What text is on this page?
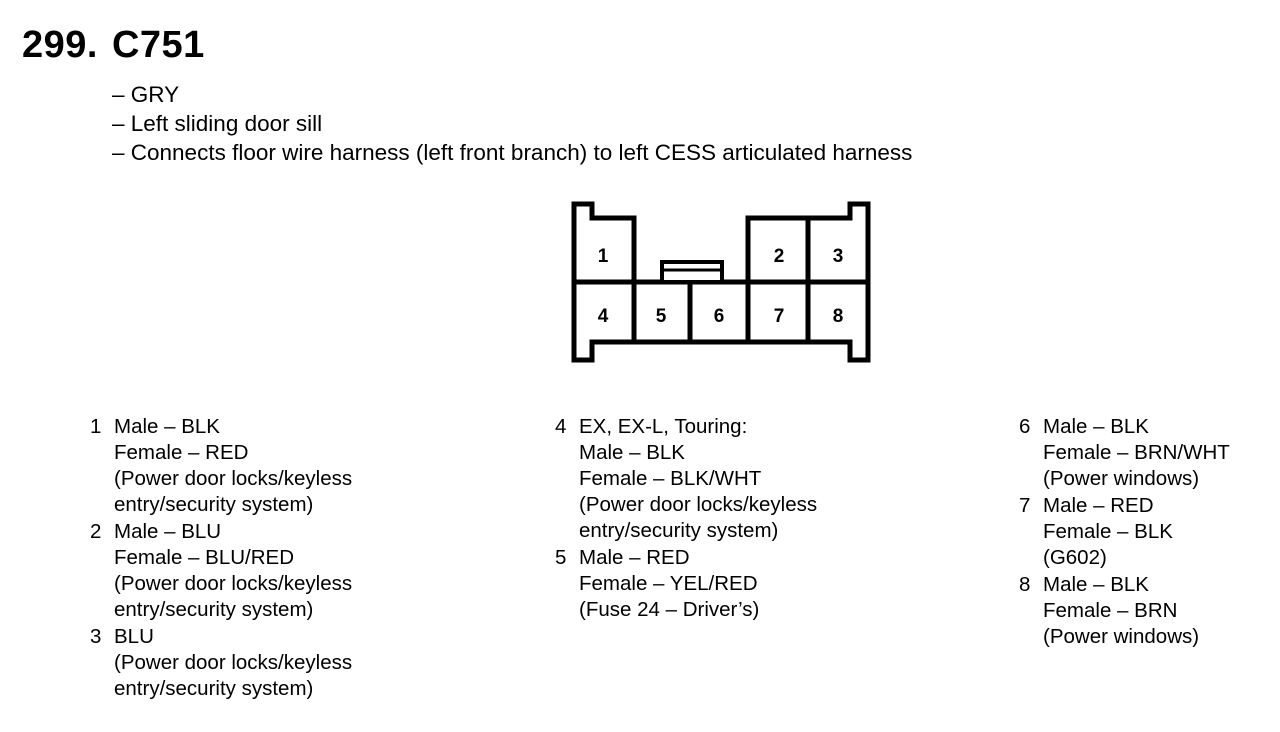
299. C751
– GRY
– Left sliding door sill
– Connects floor wire harness (left front branch) to left CESS articulated harness
1	2	3
4 5 6	7	8
1 Male – BLK
Female – RED
(Power door locks/keyless
entry/security system)
2 Male – BLU
Female – BLU/RED
(Power door locks/keyless
entry/security system)
3 BLU
(Power door locks/keyless
entry/security system)
4 EX, EX-L, Touring:
Male – BLK
Female – BLK/WHT
(Power door locks/keyless
entry/security system)
5 Male – RED
Female – YEL/RED
(Fuse 24 – Driver’s)
6 Male – BLK
Female – BRN/WHT
(Power windows)
7 Male – RED
Female – BLK
(G602)
8 Male – BLK
Female – BRN
(Power windows)
